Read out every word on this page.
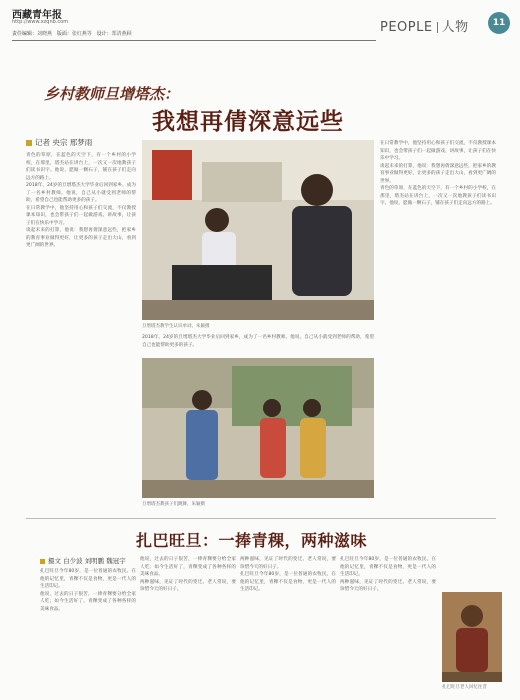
西藏青年报
http://www.xzqnb.com
责任编辑：刘晓燕 版面：张红燕等 设计：郑清燕顾	PEOPLE 人物	11
乡村教师旦增塔杰：
我想再倩深意远些
记者 央宗 邢梦雨

青色的草原，在蓝色的天空下，有一个乡村的小学校，在那里，塔杰站在讲台上，一次又一次地教孩子们读书识字。他说，愿做一颗石子，铺在孩子们走向远方的路上。

2018年，24岁的旦增塔杰大学毕业后回到家乡，成为了一名乡村教师。他说，自己从小就受到老师的帮助，希望自己也能帮助更多的孩子。

在日常教学中，他坚持用心和孩子们交流，不仅教授课本知识，也会带孩子们一起做游戏、讲故事，让孩子们在快乐中学习。

谈起未来的打算，他说：我想再倩深意远些，把家乡的教育事业做得更好，让更多的孩子走出大山，看到更广阔的世界。

旦增塔杰教学生认识单词，朱颖摄

2018年，24岁的旦增塔杰大学毕业后回到家乡，成为了一名乡村教师。他说，自己从小就受到老师的帮助，希望自己也能帮助更多的孩子。

旦增塔杰教孩子们跳舞，朱颖摄

在日常教学中，他坚持用心和孩子们交流，不仅教授课本知识，也会带孩子们一起做游戏、讲故事，让孩子们在快乐中学习。

谈起未来的打算，他说：我想再倩深意远些，把家乡的教育事业做得更好，让更多的孩子走出大山，看到更广阔的世界。

青色的草原，在蓝色的天空下，有一个乡村的小学校，在那里，塔杰站在讲台上，一次又一次地教孩子们读书识字。他说，愿做一颗石子，铺在孩子们走向远方的路上。

扎巴旺旦：一捧青稞，两种滋味
摄文 白少波 刘明鹏 魏冠宇

扎巴旺旦今年80岁，是一位普通的农牧民。在他的记忆里，青稞不仅是食物，更是一代人的生活印记。

他说，过去的日子很苦，一捧青稞要分给全家人吃；如今生活好了，青稞变成了各种各样的美味食品。

他说，过去的日子很苦，一捧青稞要分给全家人吃；如今生活好了，青稞变成了各种各样的美味食品。

两种滋味，见证了时代的变迁。老人常说，要珍惜今天的好日子。

两种滋味，见证了时代的变迁。老人常说，要珍惜今天的好日子。

扎巴旺旦今年80岁，是一位普通的农牧民。在他的记忆里，青稞不仅是食物，更是一代人的生活印记。

扎巴旺旦今年80岁，是一位普通的农牧民。在他的记忆里，青稞不仅是食物，更是一代人的生活印记。

两种滋味，见证了时代的变迁。老人常说，要珍惜今天的好日子。

扎巴旺旦老人回忆往昔
